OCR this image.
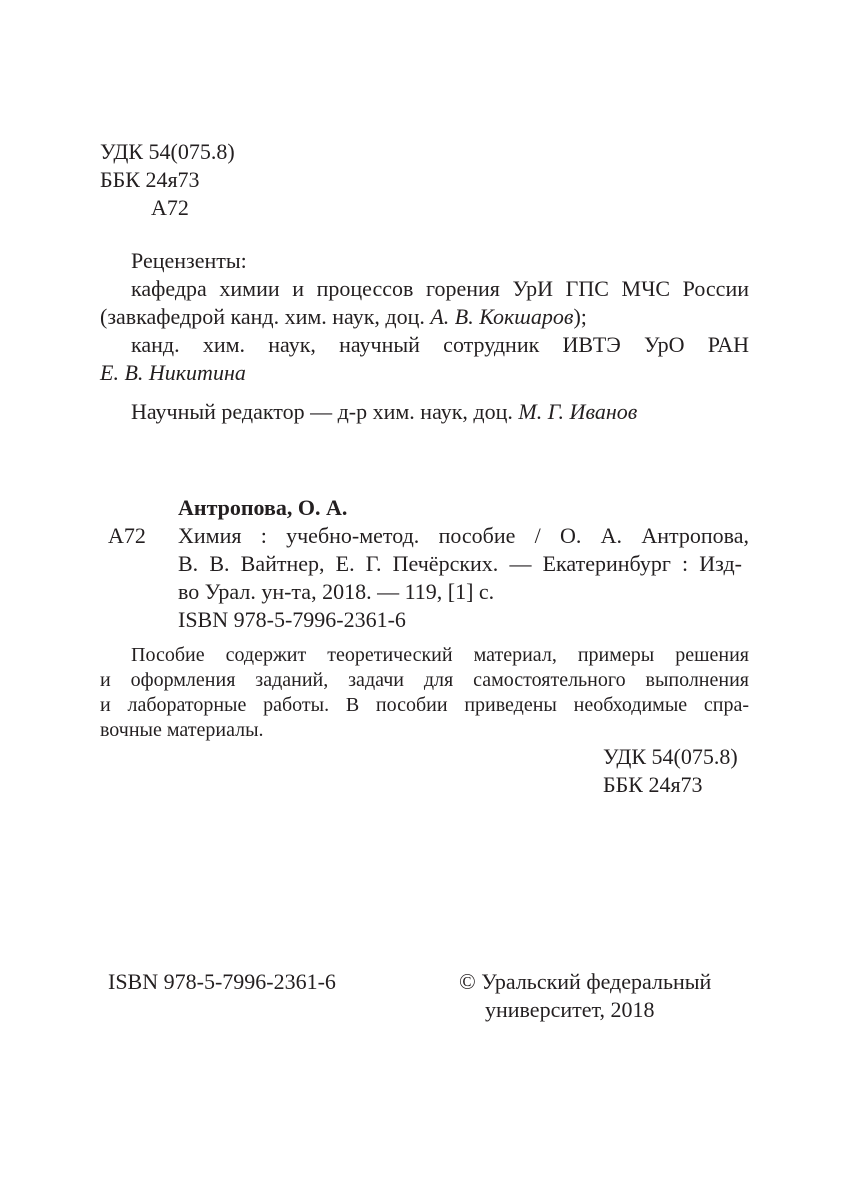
УДК 54(075.8)
ББК 24я73
А72
Рецензенты:
кафедра химии и процессов горения УрИ ГПС МЧС России
(завкафедрой канд. хим. наук, доц. А. В. Кокшаров);
канд. хим. наук, научный сотрудник ИВТЭ УрО РАН
Е. В. Никитина
Научный редактор — д-р хим. наук, доц. М. Г. Иванов
Антропова, О. А.
А72 Химия : учебно-метод. пособие / О. А. Антропова,
В. В. Вайтнер, Е. Г. Печёрских. — Екатеринбург : Изд-
во Урал. ун-та, 2018. — 119, [1] с.
ISBN 978-5-7996-2361-6
Пособие содержит теоретический материал, примеры решения
и оформления заданий, задачи для самостоятельного выполнения
и лабораторные работы. В пособии приведены необходимые спра-
вочные материалы.
УДК 54(075.8)
ББК 24я73
ISBN 978-5-7996-2361-6	© Уральский федеральный
университет, 2018
